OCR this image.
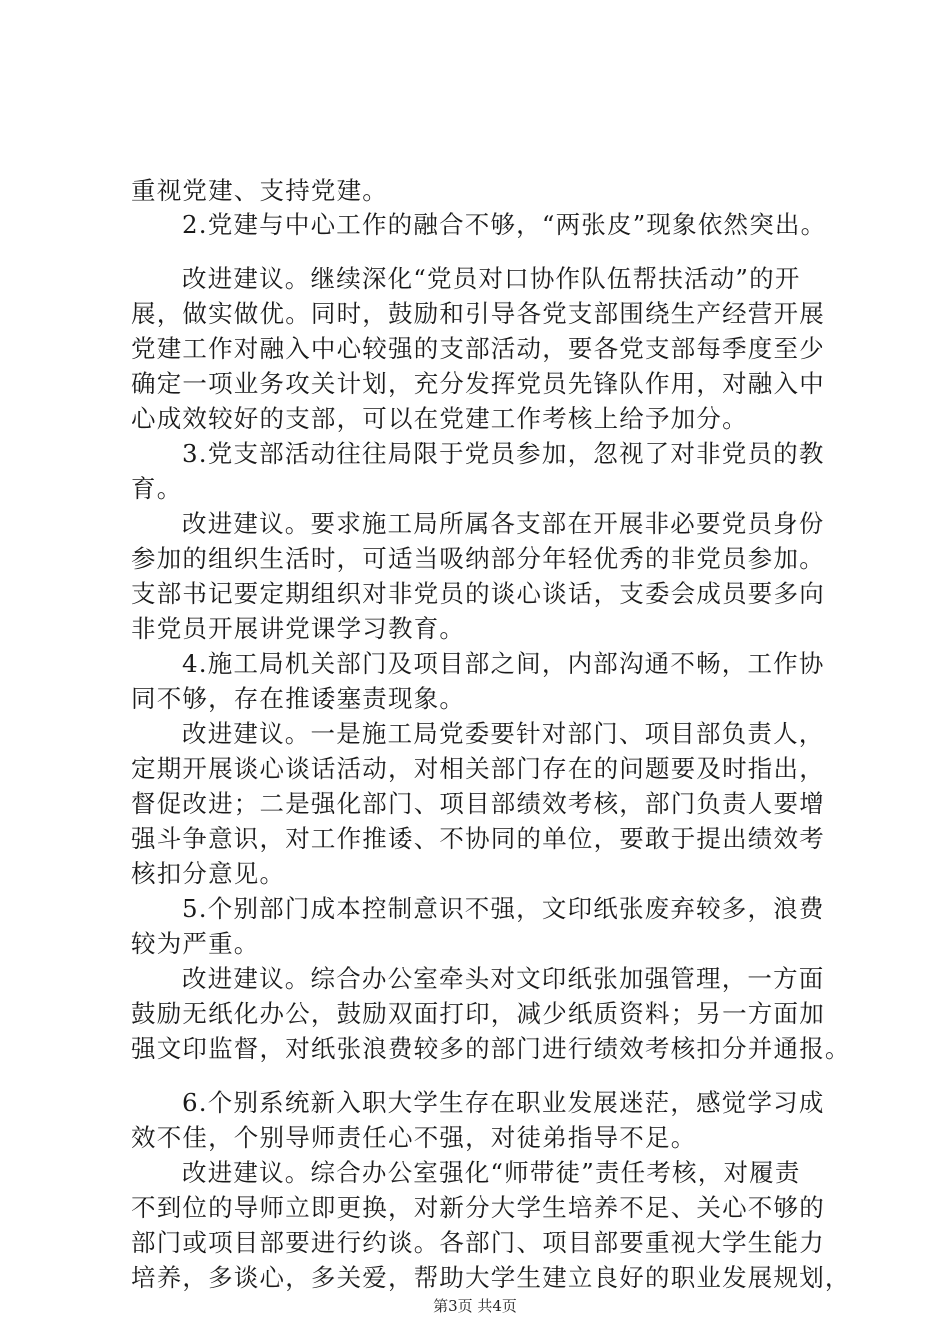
重视党建、支持党建。
2.党建与中心工作的融合不够，“两张皮”现象依然突出。
改进建议。继续深化“党员对口协作队伍帮扶活动”的开
展，做实做优。同时，鼓励和引导各党支部围绕生产经营开展
党建工作对融入中心较强的支部活动，要各党支部每季度至少
确定一项业务攻关计划，充分发挥党员先锋队作用，对融入中
心成效较好的支部，可以在党建工作考核上给予加分。
3.党支部活动往往局限于党员参加，忽视了对非党员的教
育。
改进建议。要求施工局所属各支部在开展非必要党员身份
参加的组织生活时，可适当吸纳部分年轻优秀的非党员参加。
支部书记要定期组织对非党员的谈心谈话，支委会成员要多向
非党员开展讲党课学习教育。
4.施工局机关部门及项目部之间，内部沟通不畅，工作协
同不够，存在推诿塞责现象。
改进建议。一是施工局党委要针对部门、项目部负责人，
定期开展谈心谈话活动，对相关部门存在的问题要及时指出，
督促改进；二是强化部门、项目部绩效考核，部门负责人要增
强斗争意识，对工作推诿、不协同的单位，要敢于提出绩效考
核扣分意见。
5.个别部门成本控制意识不强，文印纸张废弃较多，浪费
较为严重。
改进建议。综合办公室牵头对文印纸张加强管理，一方面
鼓励无纸化办公，鼓励双面打印，减少纸质资料；另一方面加
强文印监督，对纸张浪费较多的部门进行绩效考核扣分并通报。
6.个别系统新入职大学生存在职业发展迷茫，感觉学习成
效不佳，个别导师责任心不强，对徒弟指导不足。
改进建议。综合办公室强化“师带徒”责任考核，对履责
不到位的导师立即更换，对新分大学生培养不足、关心不够的
部门或项目部要进行约谈。各部门、项目部要重视大学生能力
培养，多谈心，多关爱，帮助大学生建立良好的职业发展规划，
第3页 共4页
